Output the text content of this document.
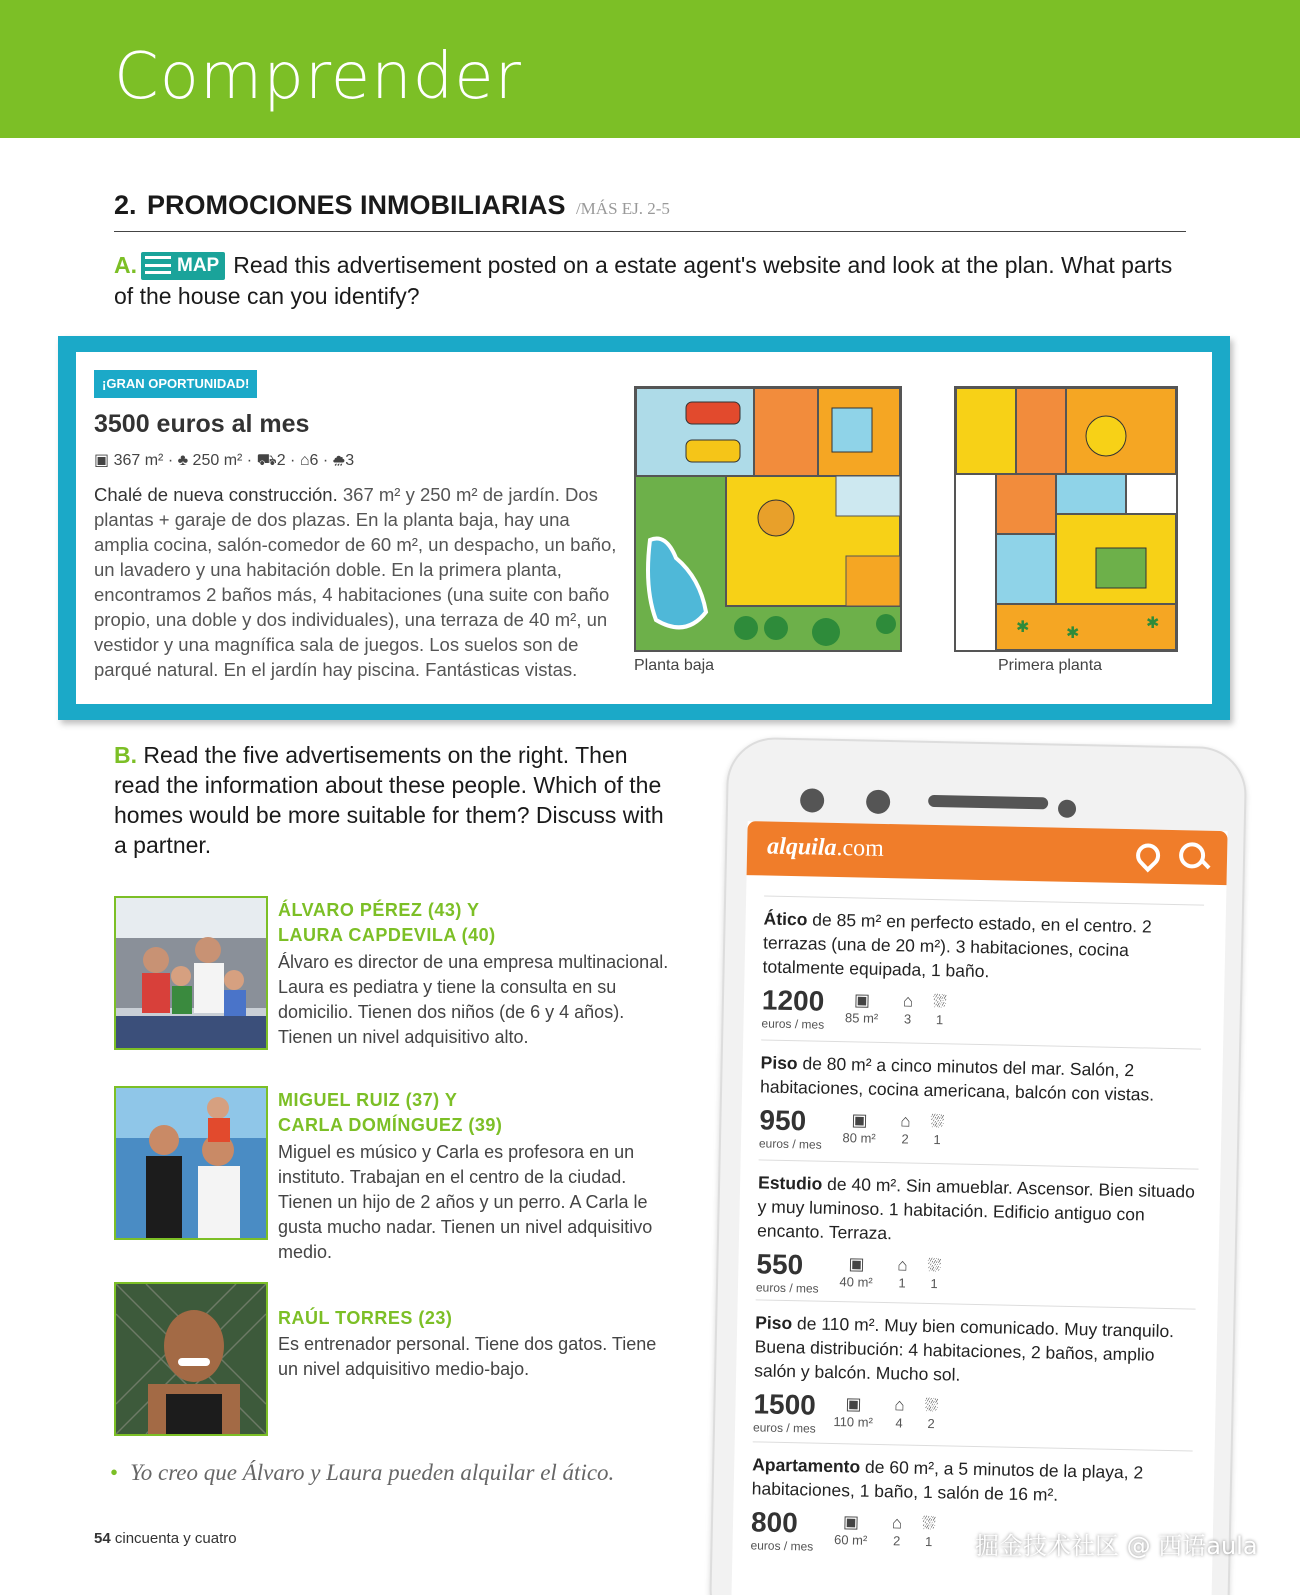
Comprender
2. PROMOCIONES INMOBILIARIAS /MÁS EJ. 2-5
A. MAP Read this advertisement posted on a estate agent's website and look at the plan. What parts of the house can you identify?
¡GRAN OPORTUNIDAD!
3500 euros al mes
▣ 367 m² · ♣ 250 m² · ⛟2 · ⌂6 · ⛆3
Chalé de nueva construcción. 367 m² y 250 m² de jardín. Dos plantas + garaje de dos plazas. En la planta baja, hay una amplia cocina, salón-comedor de 60 m², un despacho, un baño, un lavadero y una habitación doble. En la primera planta, encontramos 2 baños más, 4 habitaciones (una suite con baño propio, una doble y dos individuales), una terraza de 40 m², un vestidor y una magnífica sala de juegos. Los suelos son de parqué natural. En el jardín hay piscina. Fantásticas vistas.	Planta baja
✱ ✱
✱
Primera planta
B. Read the five advertisements on the right. Then read the information about these people. Which of the homes would be more suitable for them? Discuss with a partner.
ÁLVARO PÉREZ (43) Y
LAURA CAPDEVILA (40)
Álvaro es director de una empresa multinacional. Laura es pediatra y tiene la consulta en su domicilio. Tienen dos niños (de 6 y 4 años). Tienen un nivel adquisitivo alto.
MIGUEL RUIZ (37) Y
CARLA DOMÍNGUEZ (39)
Miguel es músico y Carla es profesora en un instituto. Trabajan en el centro de la ciudad. Tienen un hijo de 2 años y un perro. A Carla le gusta mucho nadar. Tienen un nivel adquisitivo medio.
RAÚL TORRES (23)
Es entrenador personal. Tiene dos gatos. Tiene un nivel adquisitivo medio-bajo.
• Yo creo que Álvaro y Laura pueden alquilar el ático.
54 cincuenta y cuatro
alquila.com

Ático de 85 m² en perfecto estado, en el centro. 2 terrazas (una de 20 m²). 3 habitaciones, cocina totalmente equipada, 1 baño.
1200
euros / mes
▣
85 m²
⌂
3
⛆
1
Piso de 80 m² a cinco minutos del mar. Salón, 2 habitaciones, cocina americana, balcón con vistas.
950
euros / mes
▣
80 m²
⌂
2
⛆
1
Estudio de 40 m². Sin amueblar. Ascensor. Bien situado y muy luminoso. 1 habitación. Edificio antiguo con encanto. Terraza.
550
euros / mes
▣
40 m²
⌂
1
⛆
1
Piso de 110 m². Muy bien comunicado. Muy tranquilo. Buena distribución: 4 habitaciones, 2 baños, amplio salón y balcón. Mucho sol.
1500
euros / mes
▣
110 m²
⌂
4
⛆
2
Apartamento de 60 m², a 5 minutos de la playa, 2 habitaciones, 1 baño, 1 salón de 16 m².
800
euros / mes
▣
60 m²
⌂
2
⛆
1	掘金技术社区 @ 西语aula
